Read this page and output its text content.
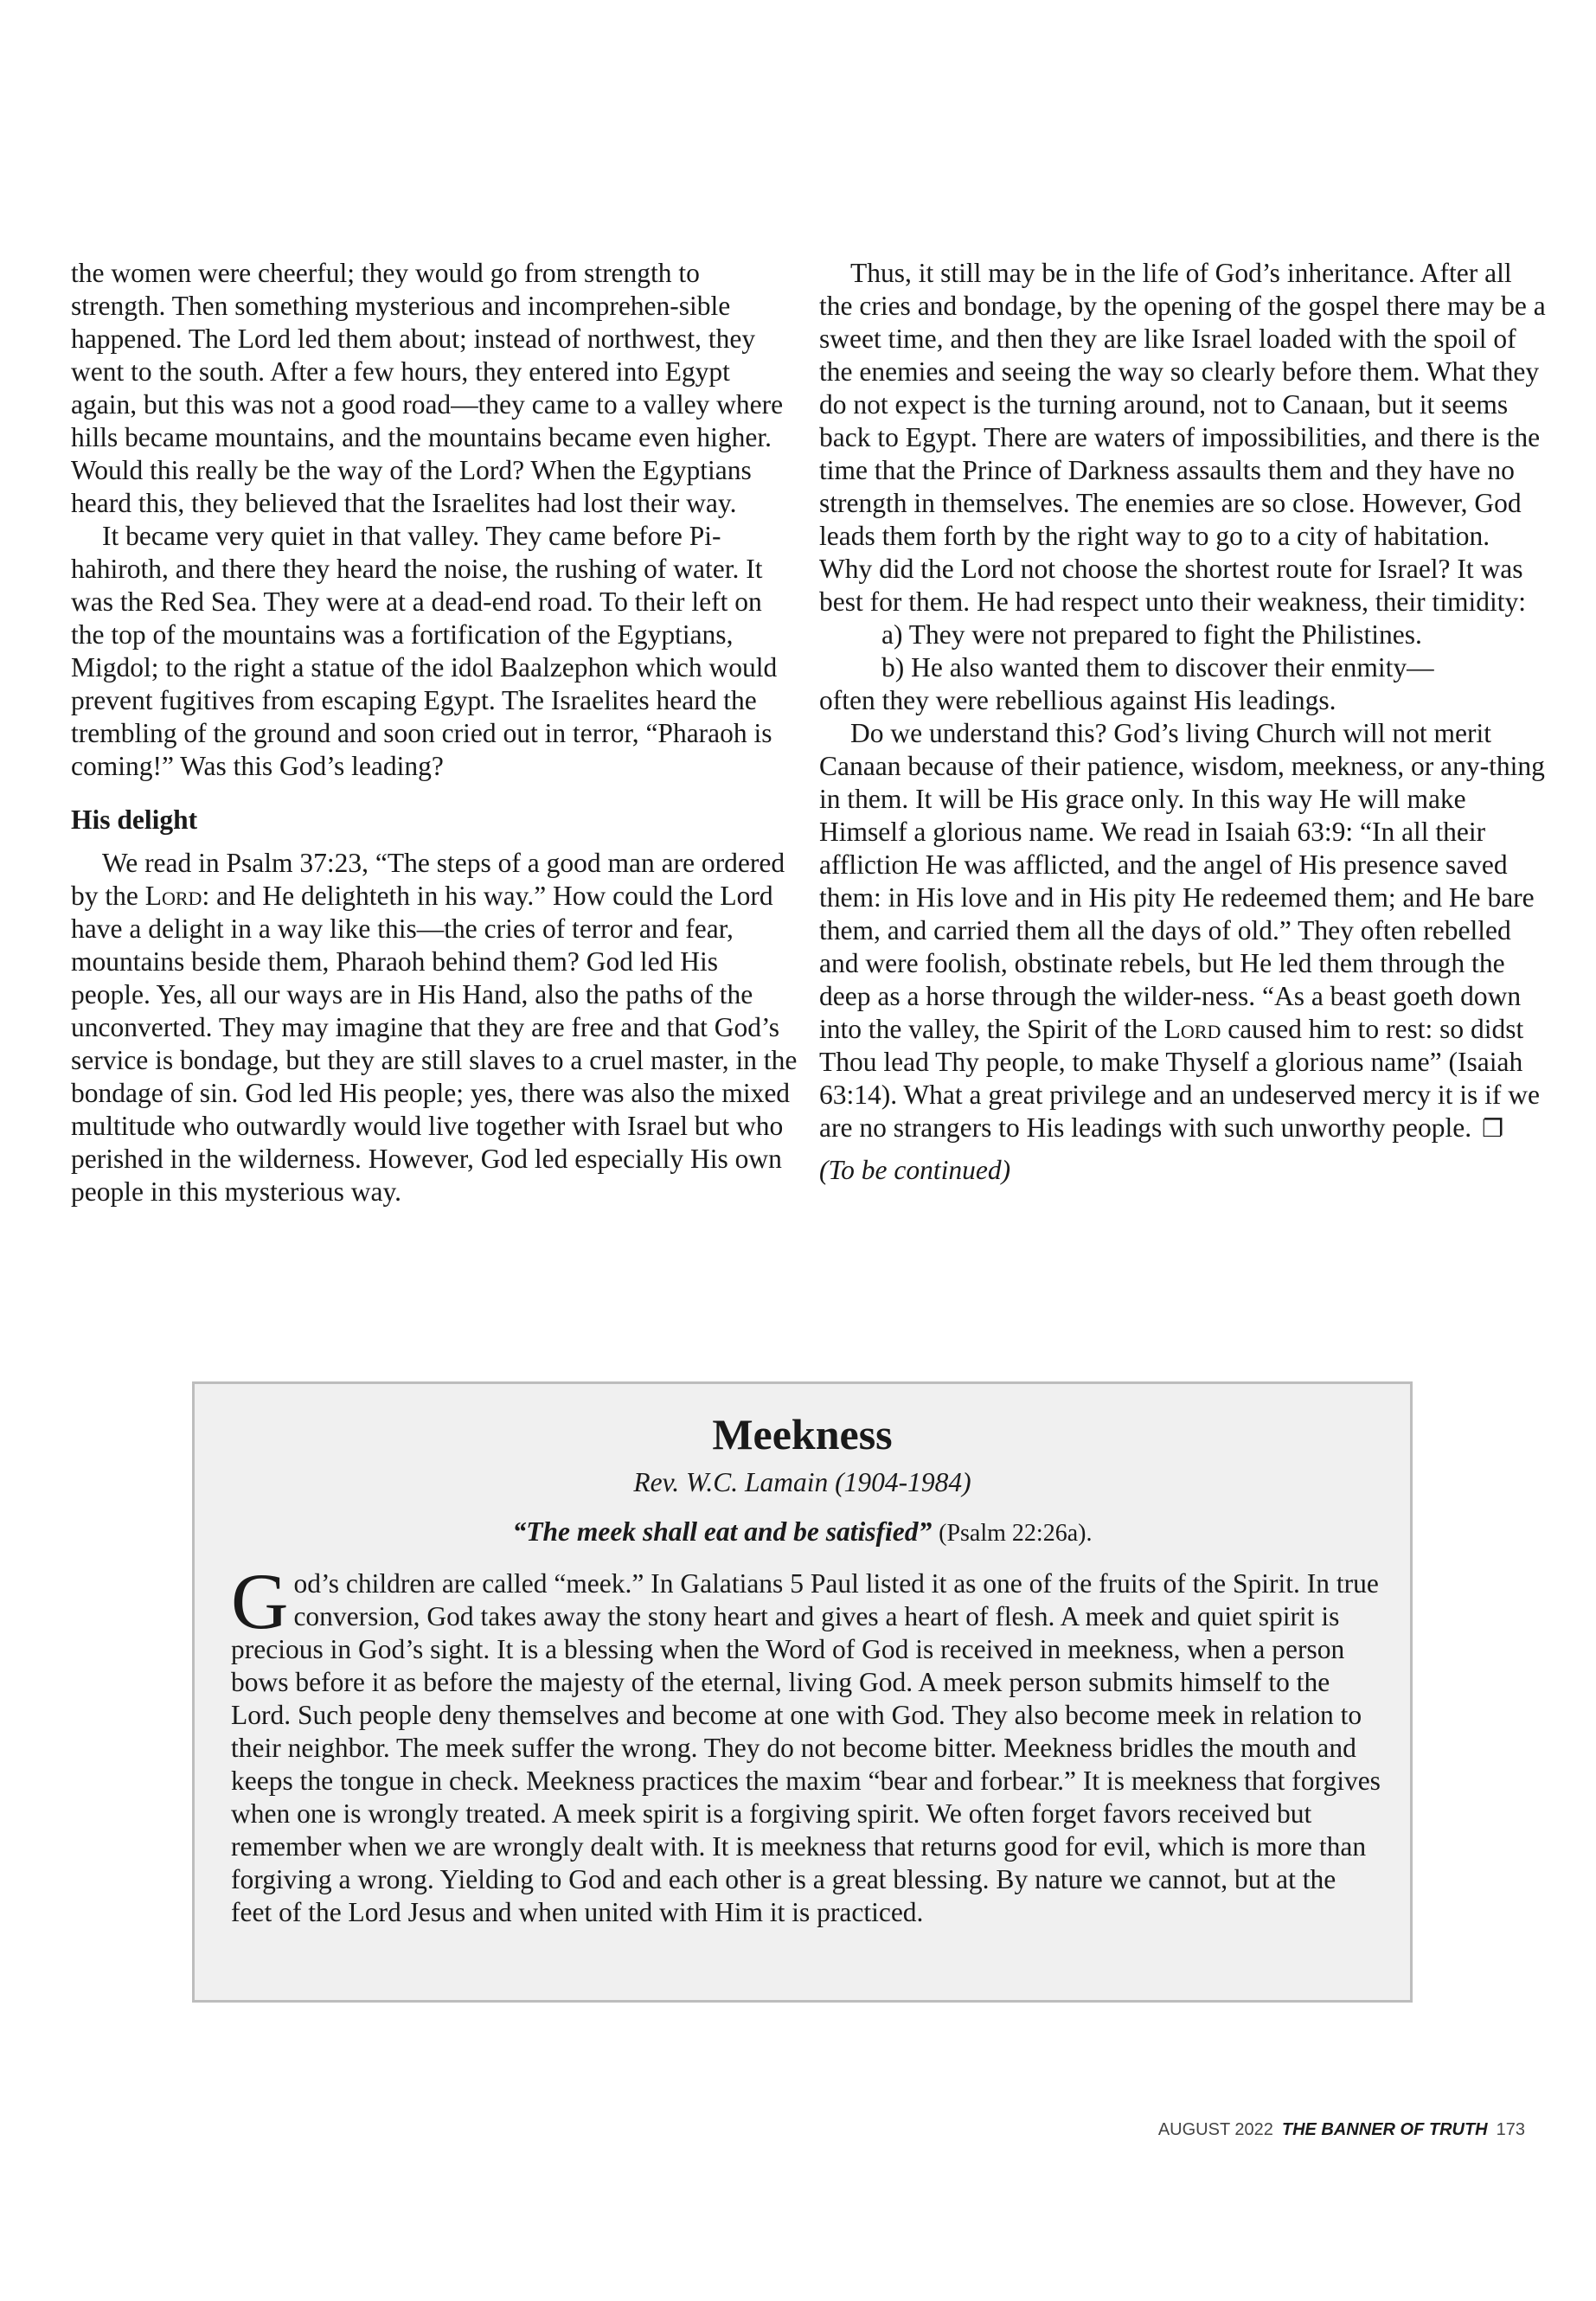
the women were cheerful; they would go from strength to strength. Then something mysterious and incomprehen-sible happened. The Lord led them about; instead of northwest, they went to the south. After a few hours, they entered into Egypt again, but this was not a good road—they came to a valley where hills became mountains, and the mountains became even higher. Would this really be the way of the Lord? When the Egyptians heard this, they believed that the Israelites had lost their way.

It became very quiet in that valley. They came before Pi-hahiroth, and there they heard the noise, the rushing of water. It was the Red Sea. They were at a dead-end road. To their left on the top of the mountains was a fortification of the Egyptians, Migdol; to the right a statue of the idol Baalzephon which would prevent fugitives from escaping Egypt. The Israelites heard the trembling of the ground and soon cried out in terror, “Pharaoh is coming!” Was this God’s leading?

His delight

We read in Psalm 37:23, “The steps of a good man are ordered by the Lord: and He delighteth in his way.” How could the Lord have a delight in a way like this—the cries of terror and fear, mountains beside them, Pharaoh behind them? God led His people. Yes, all our ways are in His Hand, also the paths of the unconverted. They may imagine that they are free and that God’s service is bondage, but they are still slaves to a cruel master, in the bondage of sin. God led His people; yes, there was also the mixed multitude who outwardly would live together with Israel but who perished in the wilderness. However, God led especially His own people in this mysterious way.

Thus, it still may be in the life of God’s inheritance. After all the cries and bondage, by the opening of the gospel there may be a sweet time, and then they are like Israel loaded with the spoil of the enemies and seeing the way so clearly before them. What they do not expect is the turning around, not to Canaan, but it seems back to Egypt. There are waters of impossibilities, and there is the time that the Prince of Darkness assaults them and they have no strength in themselves. The enemies are so close. However, God leads them forth by the right way to go to a city of habitation. Why did the Lord not choose the shortest route for Israel? It was best for them. He had respect unto their weakness, their timidity:

a) They were not prepared to fight the Philistines.

b) He also wanted them to discover their enmity—

often they were rebellious against His leadings.

Do we understand this? God’s living Church will not merit Canaan because of their patience, wisdom, meekness, or any-thing in them. It will be His grace only. In this way He will make Himself a glorious name. We read in Isaiah 63:9: “In all their affliction He was afflicted, and the angel of His presence saved them: in His love and in His pity He redeemed them; and He bare them, and carried them all the days of old.” They often rebelled and were foolish, obstinate rebels, but He led them through the deep as a horse through the wilder-ness. “As a beast goeth down into the valley, the Spirit of the Lord caused him to rest: so didst Thou lead Thy people, to make Thyself a glorious name” (Isaiah 63:14). What a great privilege and an undeserved mercy it is if we are no strangers to His leadings with such unworthy people. ❐

(To be continued)

Meekness

Rev. W.C. Lamain (1904-1984)

“The meek shall eat and be satisfied” (Psalm 22:26a).

God’s children are called “meek.” In Galatians 5 Paul listed it as one of the fruits of the Spirit. In true conversion, God takes away the stony heart and gives a heart of flesh. A meek and quiet spirit is precious in God’s sight. It is a blessing when the Word of God is received in meekness, when a person bows before it as before the majesty of the eternal, living God. A meek person submits himself to the Lord. Such people deny themselves and become at one with God. They also become meek in relation to their neighbor. The meek suffer the wrong. They do not become bitter. Meekness bridles the mouth and keeps the tongue in check. Meekness practices the maxim “bear and forbear.” It is meekness that forgives when one is wrongly treated. A meek spirit is a forgiving spirit. We often forget favors received but remember when we are wrongly dealt with. It is meekness that returns good for evil, which is more than forgiving a wrong. Yielding to God and each other is a great blessing. By nature we cannot, but at the feet of the Lord Jesus and when united with Him it is practiced.

AUGUST 2022 THE BANNER OF TRUTH 173
